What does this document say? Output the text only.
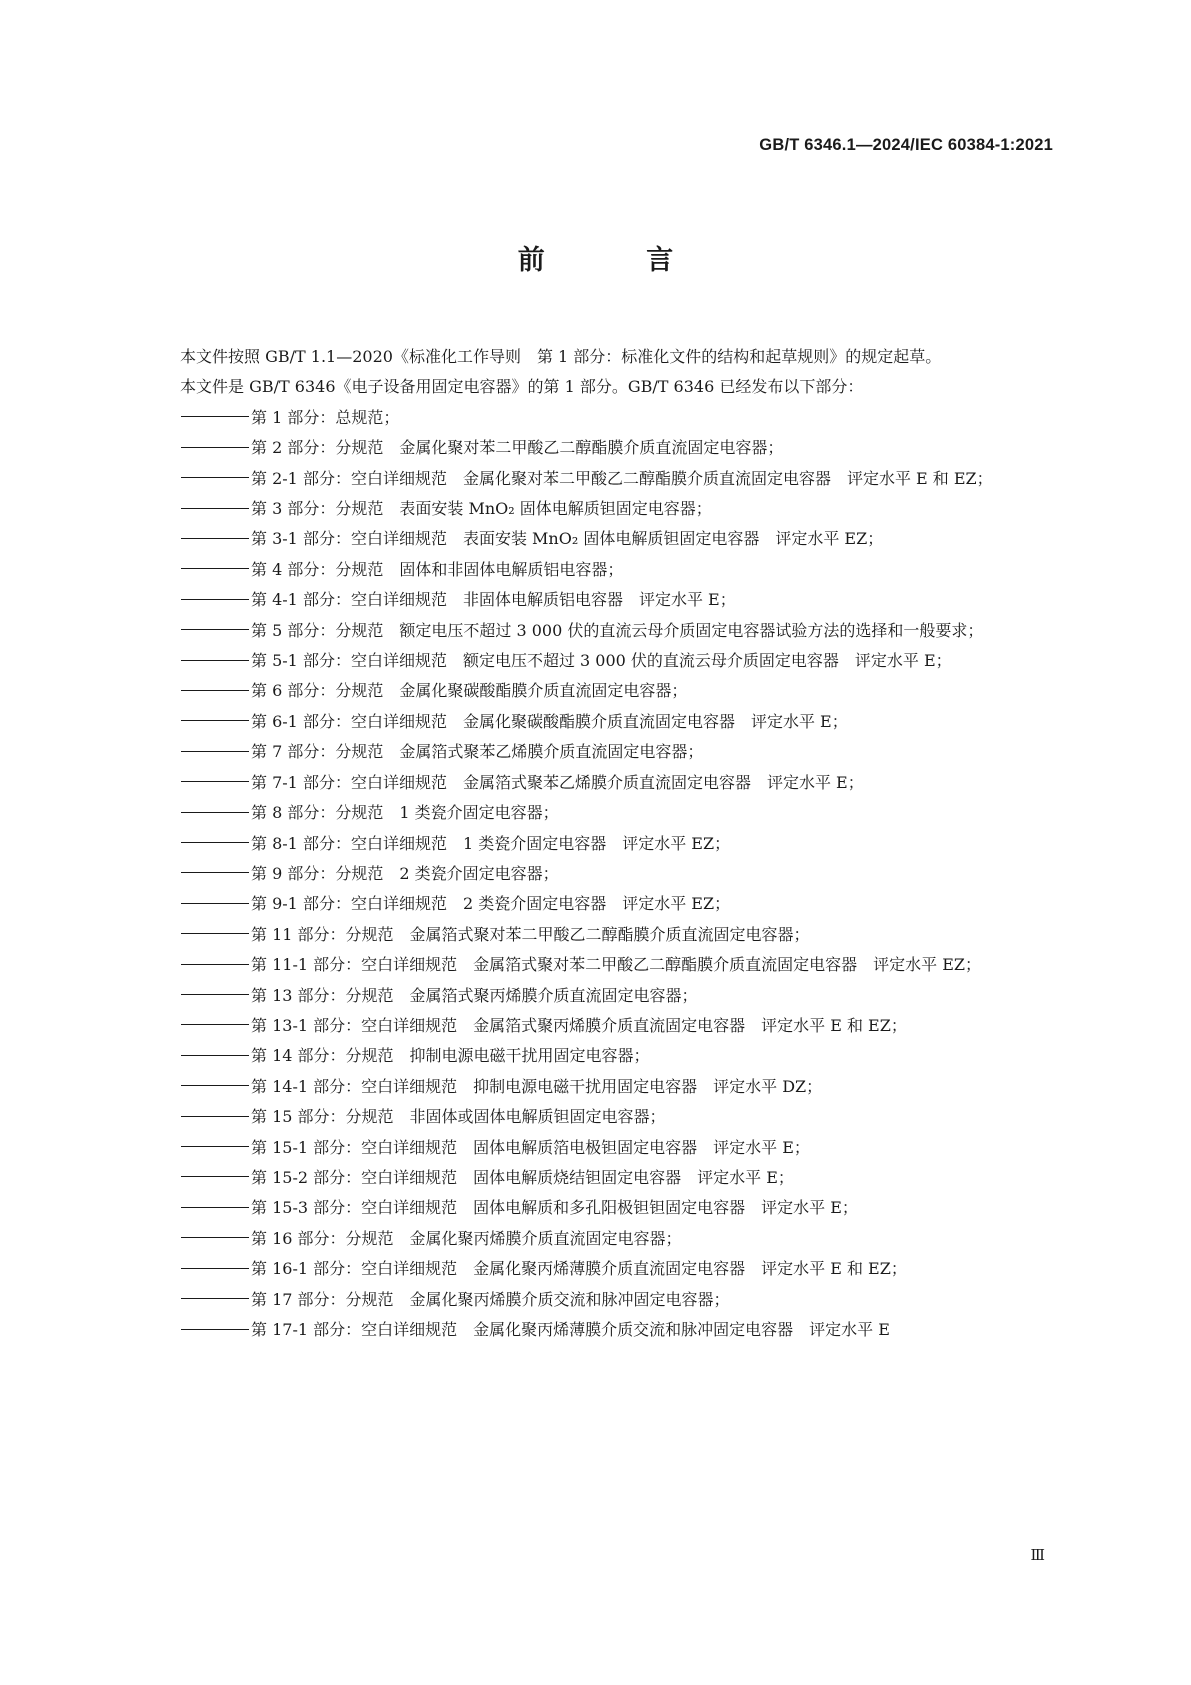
GB/T 6346.1—2024/IEC 60384-1:2021
前 言

本文件按照 GB/T 1.1—2020《标准化工作导则　第 1 部分：标准化文件的结构和起草规则》的规定起草。

本文件是 GB/T 6346《电子设备用固定电容器》的第 1 部分。GB/T 6346 已经发布以下部分：

第 1 部分：总规范；

第 2 部分：分规范　金属化聚对苯二甲酸乙二醇酯膜介质直流固定电容器；

第 2-1 部分：空白详细规范　金属化聚对苯二甲酸乙二醇酯膜介质直流固定电容器　评定水平 E 和 EZ；

第 3 部分：分规范　表面安装 MnO₂ 固体电解质钽固定电容器；

第 3-1 部分：空白详细规范　表面安装 MnO₂ 固体电解质钽固定电容器　评定水平 EZ；

第 4 部分：分规范　固体和非固体电解质铝电容器；

第 4-1 部分：空白详细规范　非固体电解质铝电容器　评定水平 E；

第 5 部分：分规范　额定电压不超过 3 000 伏的直流云母介质固定电容器试验方法的选择和一般要求；

第 5-1 部分：空白详细规范　额定电压不超过 3 000 伏的直流云母介质固定电容器　评定水平 E；

第 6 部分：分规范　金属化聚碳酸酯膜介质直流固定电容器；

第 6-1 部分：空白详细规范　金属化聚碳酸酯膜介质直流固定电容器　评定水平 E；

第 7 部分：分规范　金属箔式聚苯乙烯膜介质直流固定电容器；

第 7-1 部分：空白详细规范　金属箔式聚苯乙烯膜介质直流固定电容器　评定水平 E；

第 8 部分：分规范　1 类瓷介固定电容器；

第 8-1 部分：空白详细规范　1 类瓷介固定电容器　评定水平 EZ；

第 9 部分：分规范　2 类瓷介固定电容器；

第 9-1 部分：空白详细规范　2 类瓷介固定电容器　评定水平 EZ；

第 11 部分：分规范　金属箔式聚对苯二甲酸乙二醇酯膜介质直流固定电容器；

第 11-1 部分：空白详细规范　金属箔式聚对苯二甲酸乙二醇酯膜介质直流固定电容器　评定水平 EZ；

第 13 部分：分规范　金属箔式聚丙烯膜介质直流固定电容器；

第 13-1 部分：空白详细规范　金属箔式聚丙烯膜介质直流固定电容器　评定水平 E 和 EZ；

第 14 部分：分规范　抑制电源电磁干扰用固定电容器；

第 14-1 部分：空白详细规范　抑制电源电磁干扰用固定电容器　评定水平 DZ；

第 15 部分：分规范　非固体或固体电解质钽固定电容器；

第 15-1 部分：空白详细规范　固体电解质箔电极钽固定电容器　评定水平 E；

第 15-2 部分：空白详细规范　固体电解质烧结钽固定电容器　评定水平 E；

第 15-3 部分：空白详细规范　固体电解质和多孔阳极钽钽固定电容器　评定水平 E；

第 16 部分：分规范　金属化聚丙烯膜介质直流固定电容器；

第 16-1 部分：空白详细规范　金属化聚丙烯薄膜介质直流固定电容器　评定水平 E 和 EZ；

第 17 部分：分规范　金属化聚丙烯膜介质交流和脉冲固定电容器；

第 17-1 部分：空白详细规范　金属化聚丙烯薄膜介质交流和脉冲固定电容器　评定水平 E

Ⅲ
